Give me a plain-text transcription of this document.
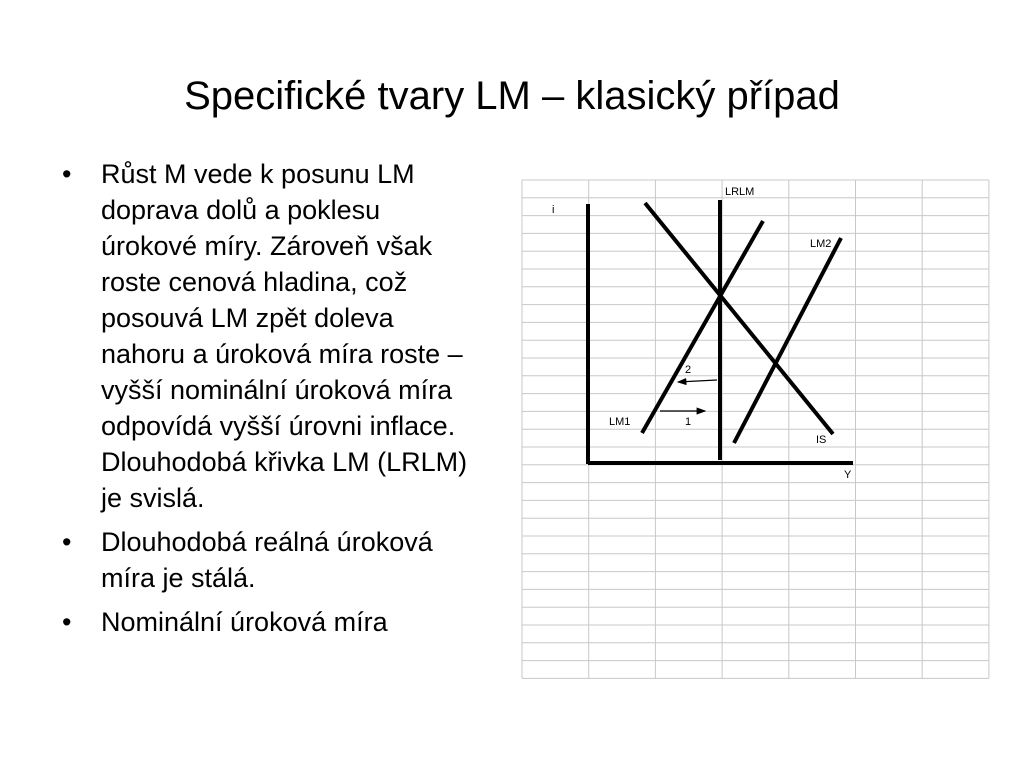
Specifické tvary LM – klasický případ
• Růst M vede k posunu LM doprava dolů a poklesu úrokové míry. Zároveň však roste cenová hladina, což posouvá LM zpět doleva nahoru a úroková míra roste – vyšší nominální úroková míra odpovídá vyšší úrovni inflace. Dlouhodobá křivka LM (LRLM) je svislá.
• Dlouhodobá reálná úroková míra je stálá.
• Nominální úroková míra
i
Y
LRLM
LM2
LM1
IS
1
2
